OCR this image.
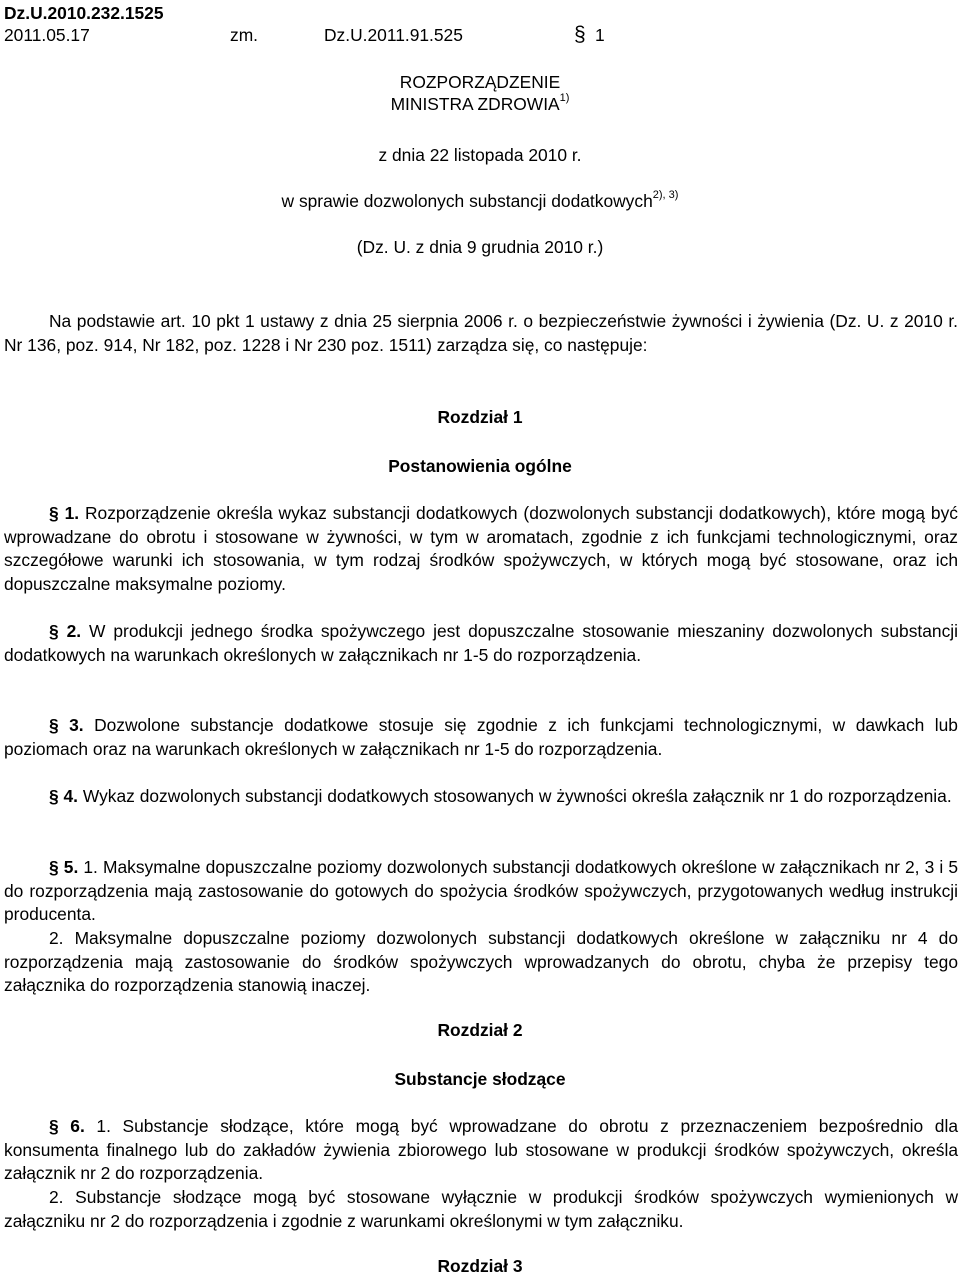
Dz.U.2010.232.1525
2011.05.17	zm.	Dz.U.2011.91.525	§ 1
ROZPORZĄDZENIE
MINISTRA ZDROWIA$^{1)}$
z dnia 22 listopada 2010 r.
w sprawie dozwolonych substancji dodatkowych$^{2), 3)}$
(Dz. U. z dnia 9 grudnia 2010 r.)
Na podstawie art. 10 pkt 1 ustawy z dnia 25 sierpnia 2006 r. o bezpieczeństwie żywności i żywienia (Dz. U. z 2010 r. Nr 136, poz. 914, Nr 182, poz. 1228 i Nr 230 poz. 1511) zarządza się, co następuje:
Rozdział 1
Postanowienia ogólne
§ 1. Rozporządzenie określa wykaz substancji dodatkowych (dozwolonych substancji dodatkowych), które mogą być wprowadzane do obrotu i stosowane w żywności, w tym w aromatach, zgodnie z ich funkcjami technologicznymi, oraz szczegółowe warunki ich stosowania, w tym rodzaj środków spożywczych, w których mogą być stosowane, oraz ich dopuszczalne maksymalne poziomy.
§ 2. W produkcji jednego środka spożywczego jest dopuszczalne stosowanie mieszaniny dozwolonych substancji dodatkowych na warunkach określonych w załącznikach nr 1-5 do rozporządzenia.
§ 3. Dozwolone substancje dodatkowe stosuje się zgodnie z ich funkcjami technologicznymi, w dawkach lub poziomach oraz na warunkach określonych w załącznikach nr 1-5 do rozporządzenia.
§ 4. Wykaz dozwolonych substancji dodatkowych stosowanych w żywności określa załącznik nr 1 do rozporządzenia.
§ 5. 1. Maksymalne dopuszczalne poziomy dozwolonych substancji dodatkowych określone w załącznikach nr 2, 3 i 5 do rozporządzenia mają zastosowanie do gotowych do spożycia środków spożywczych, przygotowanych według instrukcji producenta.
2. Maksymalne dopuszczalne poziomy dozwolonych substancji dodatkowych określone w załączniku nr 4 do rozporządzenia mają zastosowanie do środków spożywczych wprowadzanych do obrotu, chyba że przepisy tego załącznika do rozporządzenia stanowią inaczej.
Rozdział 2
Substancje słodzące
§ 6. 1. Substancje słodzące, które mogą być wprowadzane do obrotu z przeznaczeniem bezpośrednio dla konsumenta finalnego lub do zakładów żywienia zbiorowego lub stosowane w produkcji środków spożywczych, określa załącznik nr 2 do rozporządzenia.
2. Substancje słodzące mogą być stosowane wyłącznie w produkcji środków spożywczych wymienionych w załączniku nr 2 do rozporządzenia i zgodnie z warunkami określonymi w tym załączniku.
Rozdział 3
